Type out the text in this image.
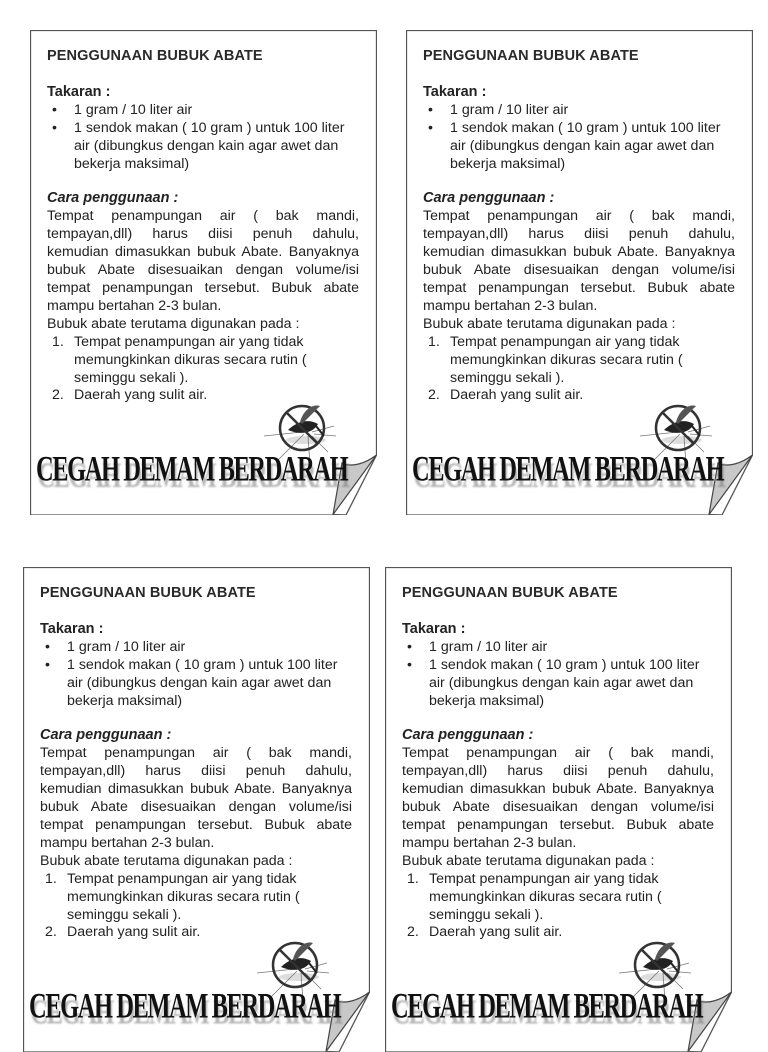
PENGGUNAAN BUBUK ABATE

Takaran :

• 1 gram / 10 liter air
• 1 sendok makan ( 10 gram ) untuk 100 liter air (dibungkus dengan kain agar awet dan bekerja maksimal)

Cara penggunaan :

Tempat penampungan air ( bak mandi, tempayan,dll) harus diisi penuh dahulu, kemudian dimasukkan bubuk Abate. Banyaknya bubuk Abate disesuaikan dengan volume/isi tempat penampungan tersebut. Bubuk abate mampu bertahan 2-3 bulan.

Bubuk abate terutama digunakan pada :

1. Tempat penampungan air yang tidak memungkinkan dikuras secara rutin ( seminggu sekali ).
2. Daerah yang sulit air.
CEGAH DEMAM BERDARAH

PENGGUNAAN BUBUK ABATE

Takaran :

• 1 gram / 10 liter air
• 1 sendok makan ( 10 gram ) untuk 100 liter air (dibungkus dengan kain agar awet dan bekerja maksimal)

Cara penggunaan :

Tempat penampungan air ( bak mandi, tempayan,dll) harus diisi penuh dahulu, kemudian dimasukkan bubuk Abate. Banyaknya bubuk Abate disesuaikan dengan volume/isi tempat penampungan tersebut. Bubuk abate mampu bertahan 2-3 bulan.

Bubuk abate terutama digunakan pada :

1. Tempat penampungan air yang tidak memungkinkan dikuras secara rutin ( seminggu sekali ).
2. Daerah yang sulit air.
CEGAH DEMAM BERDARAH

PENGGUNAAN BUBUK ABATE

Takaran :

• 1 gram / 10 liter air
• 1 sendok makan ( 10 gram ) untuk 100 liter air (dibungkus dengan kain agar awet dan bekerja maksimal)

Cara penggunaan :

Tempat penampungan air ( bak mandi, tempayan,dll) harus diisi penuh dahulu, kemudian dimasukkan bubuk Abate. Banyaknya bubuk Abate disesuaikan dengan volume/isi tempat penampungan tersebut. Bubuk abate mampu bertahan 2-3 bulan.

Bubuk abate terutama digunakan pada :

1. Tempat penampungan air yang tidak memungkinkan dikuras secara rutin ( seminggu sekali ).
2. Daerah yang sulit air.
CEGAH DEMAM BERDARAH

PENGGUNAAN BUBUK ABATE

Takaran :

• 1 gram / 10 liter air
• 1 sendok makan ( 10 gram ) untuk 100 liter air (dibungkus dengan kain agar awet dan bekerja maksimal)

Cara penggunaan :

Tempat penampungan air ( bak mandi, tempayan,dll) harus diisi penuh dahulu, kemudian dimasukkan bubuk Abate. Banyaknya bubuk Abate disesuaikan dengan volume/isi tempat penampungan tersebut. Bubuk abate mampu bertahan 2-3 bulan.

Bubuk abate terutama digunakan pada :

1. Tempat penampungan air yang tidak memungkinkan dikuras secara rutin ( seminggu sekali ).
2. Daerah yang sulit air.
CEGAH DEMAM BERDARAH
